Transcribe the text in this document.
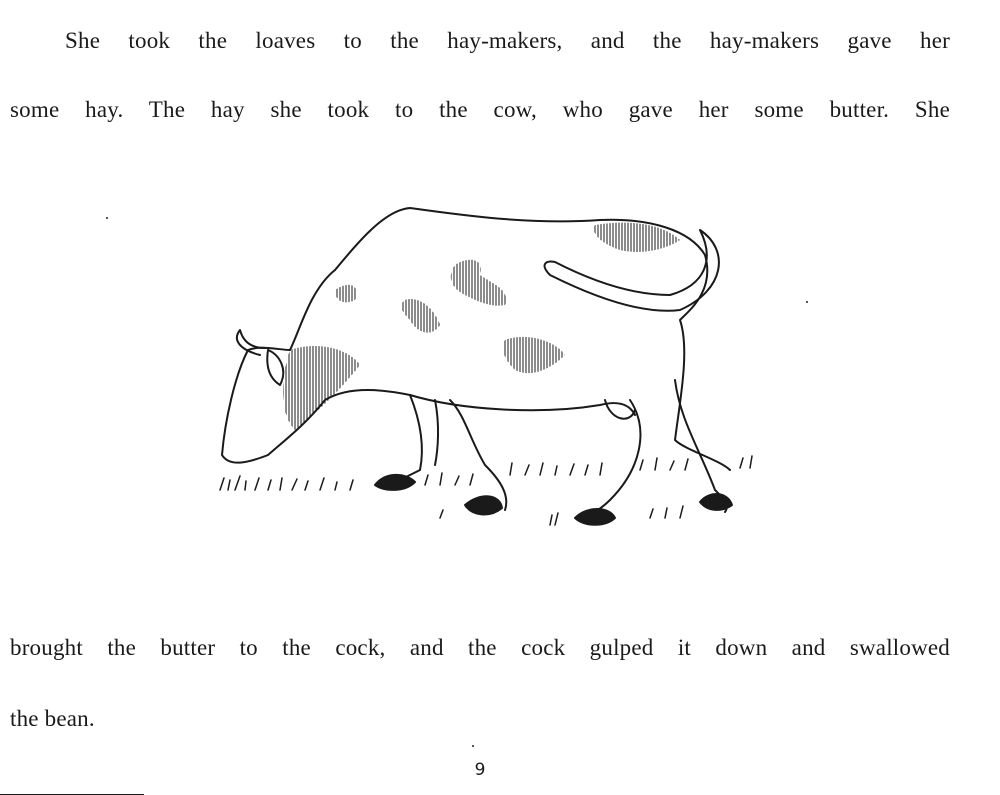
She took the loaves to the hay-makers, and the hay-makers gave her
some hay. The hay she took to the cow, who gave her some butter. She
brought the butter to the cock, and the cock gulped it down and swallowed
the bean.
9
